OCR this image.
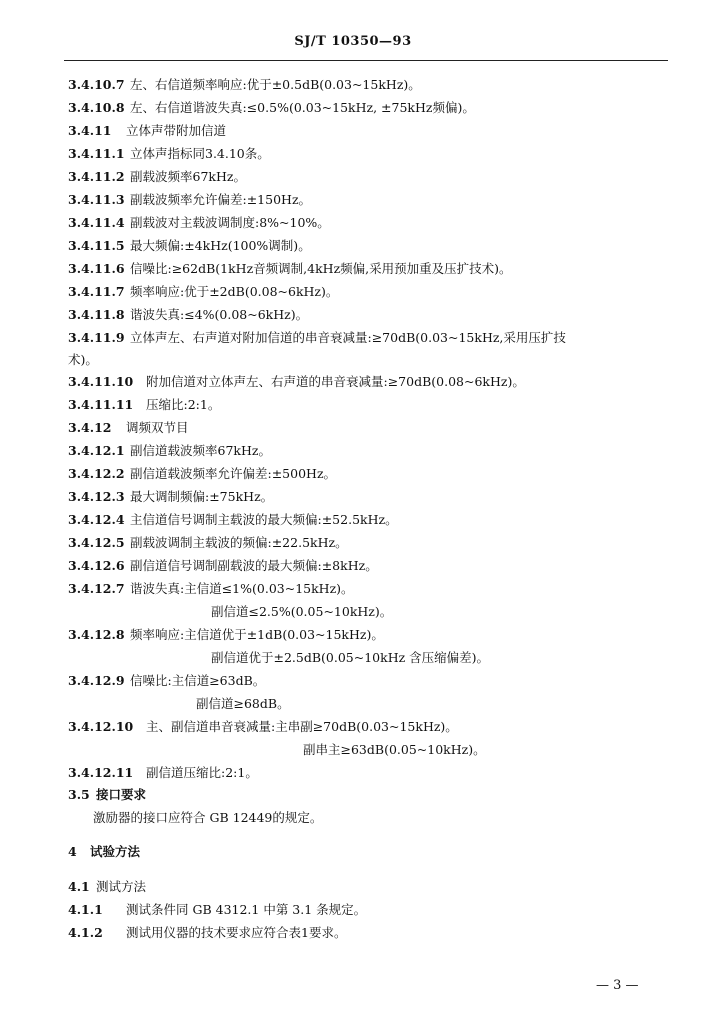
SJ/T 10350—93
3.4.10.7 左、右信道频率响应:优于±0.5dB(0.03~15kHz)。
3.4.10.8 左、右信道谐波失真:≤0.5%(0.03~15kHz, ±75kHz频偏)。
3.4.11 立体声带附加信道
3.4.11.1 立体声指标同3.4.10条。
3.4.11.2 副载波频率67kHz。
3.4.11.3 副载波频率允许偏差:±150Hz。
3.4.11.4 副载波对主载波调制度:8%~10%。
3.4.11.5 最大频偏:±4kHz(100%调制)。
3.4.11.6 信噪比:≥62dB(1kHz音频调制,4kHz频偏,采用预加重及压扩技术)。
3.4.11.7 频率响应:优于±2dB(0.08~6kHz)。
3.4.11.8 谐波失真:≤4%(0.08~6kHz)。
3.4.11.9 立体声左、右声道对附加信道的串音衰减量:≥70dB(0.03~15kHz,采用压扩技
术)。
3.4.11.10 附加信道对立体声左、右声道的串音衰减量:≥70dB(0.08~6kHz)。
3.4.11.11 压缩比:2:1。
3.4.12 调频双节目
3.4.12.1 副信道载波频率67kHz。
3.4.12.2 副信道载波频率允许偏差:±500Hz。
3.4.12.3 最大调制频偏:±75kHz。
3.4.12.4 主信道信号调制主载波的最大频偏:±52.5kHz。
3.4.12.5 副载波调制主载波的频偏:±22.5kHz。
3.4.12.6 副信道信号调制副载波的最大频偏:±8kHz。
3.4.12.7 谐波失真:主信道≤1%(0.03~15kHz)。
副信道≤2.5%(0.05~10kHz)。
3.4.12.8 频率响应:主信道优于±1dB(0.03~15kHz)。
副信道优于±2.5dB(0.05~10kHz 含压缩偏差)。
3.4.12.9 信噪比:主信道≥63dB。
副信道≥68dB。
3.4.12.10 主、副信道串音衰减量:主串副≥70dB(0.03~15kHz)。
副串主≥63dB(0.05~10kHz)。
3.4.12.11 副信道压缩比:2:1。
3.5 接口要求
激励器的接口应符合 GB 12449的规定。
4 试验方法
4.1 测试方法
4.1.1 测试条件同 GB 4312.1 中第 3.1 条规定。
4.1.2 测试用仪器的技术要求应符合表1要求。
— 3 —
